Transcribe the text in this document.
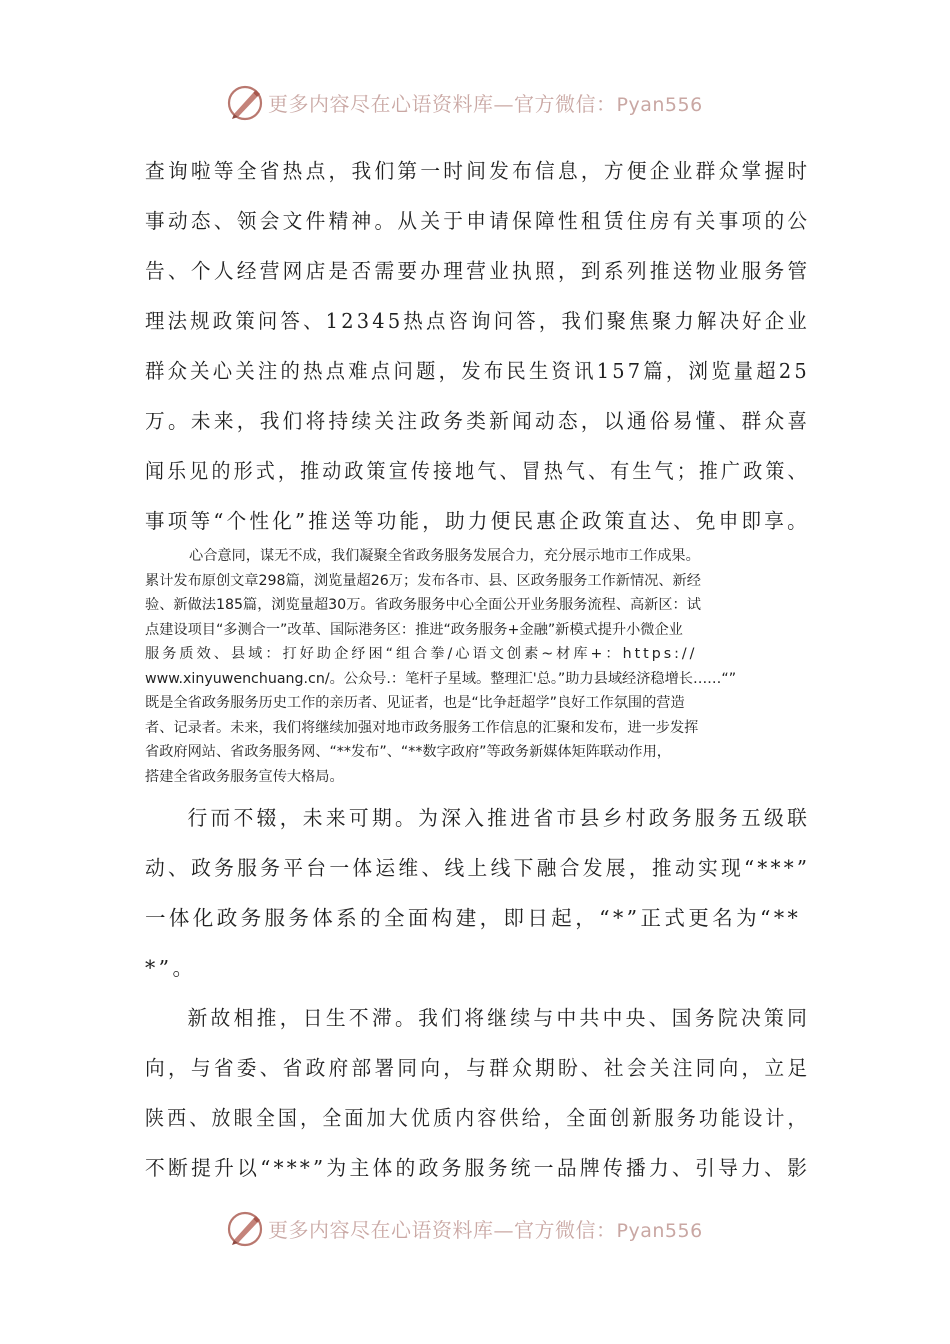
更多内容尽在心语资料库—官方微信：Pyan556
查询啦等全省热点，我们第一时间发布信息，方便企业群众掌握时
事动态、领会文件精神。从关于申请保障性租赁住房有关事项的公
告、个人经营网店是否需要办理营业执照，到系列推送物业服务管
理法规政策问答、12345热点咨询问答，我们聚焦聚力解决好企业
群众关心关注的热点难点问题，发布民生资讯157篇，浏览量超25
万。未来，我们将持续关注政务类新闻动态，以通俗易懂、群众喜
闻乐见的形式，推动政策宣传接地气、冒热气、有生气；推广政策、
事项等“个性化”推送等功能，助力便民惠企政策直达、免申即享。
心合意同，谋无不成，我们凝聚全省政务服务发展合力，充分展示地市工作成果。
累计发布原创文章298篇，浏览量超26万；发布各市、县、区政务服务工作新情况、新经
验、新做法185篇，浏览量超30万。省政务服务中心全面公开业务服务流程、高新区：试
点建设项目“多测合一”改革、国际港务区：推进“政务服务+金融”新模式提升小微企业
服务质效、县域：打好助企纾困“组合拳/心语文创素~材库+：https://
www.xinyuwenchuang.cn/。公众号.：笔杆子星域。整理汇'总。”助力县域经济稳增长……“”
既是全省政务服务历史工作的亲历者、见证者，也是“比争赶超学”良好工作氛围的营造
者、记录者。未来，我们将继续加强对地市政务服务工作信息的汇聚和发布，进一步发挥
省政府网站、省政务服务网、“**发布”、“**数字政府”等政务新媒体矩阵联动作用，
搭建全省政务服务宣传大格局。
行而不辍，未来可期。为深入推进省市县乡村政务服务五级联
动、政务服务平台一体运维、线上线下融合发展，推动实现“***”
一体化政务服务体系的全面构建，即日起，“*”正式更名为“**
*”。
新故相推，日生不滞。我们将继续与中共中央、国务院决策同
向，与省委、省政府部署同向，与群众期盼、社会关注同向，立足
陕西、放眼全国，全面加大优质内容供给，全面创新服务功能设计，
不断提升以“***”为主体的政务服务统一品牌传播力、引导力、影
更多内容尽在心语资料库—官方微信：Pyan556
